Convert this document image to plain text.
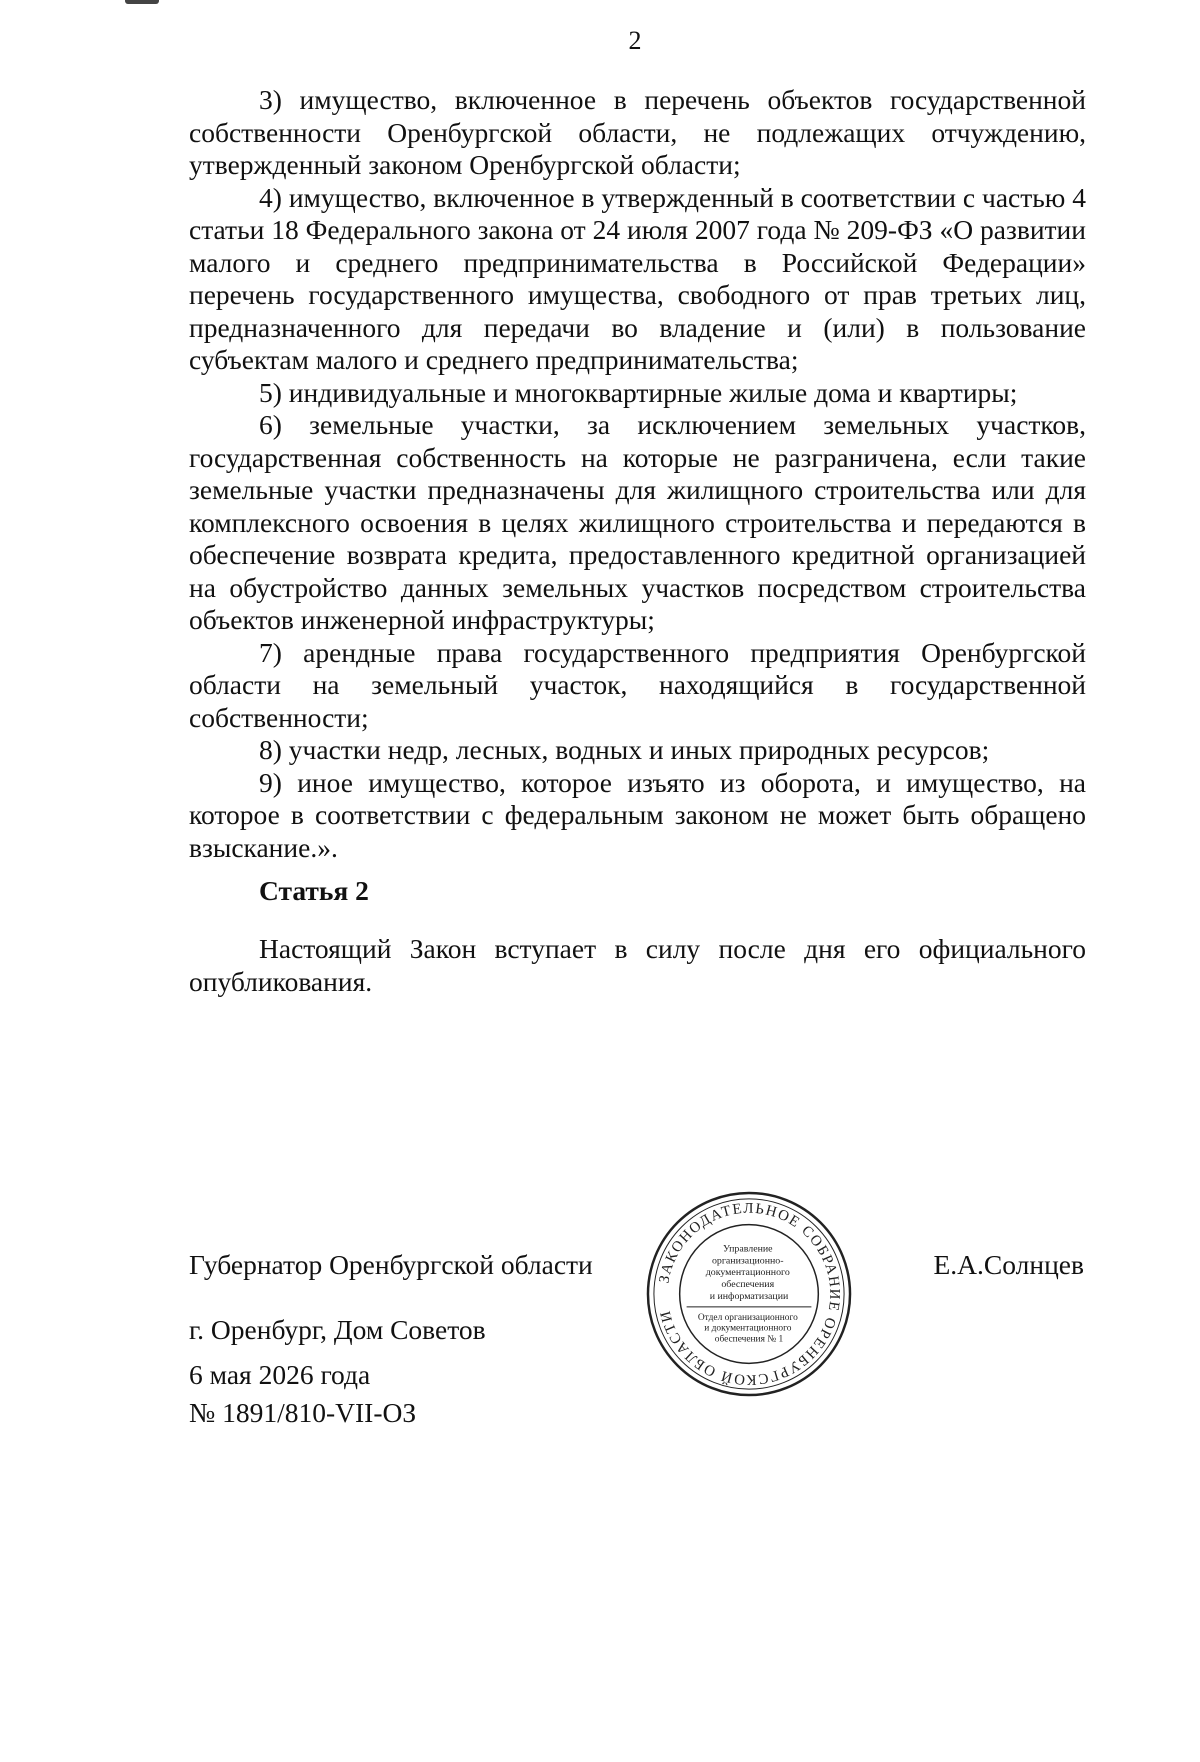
2

3) имущество, включенное в перечень объектов государственной собственности Оренбургской области, не подлежащих отчуждению, утвержденный законом Оренбургской области;

4) имущество, включенное в утвержденный в соответствии с частью 4 статьи 18 Федерального закона от 24 июля 2007 года № 209-ФЗ «О развитии малого и среднего предпринимательства в Российской Федерации» перечень государственного имущества, свободного от прав третьих лиц, предназначенного для передачи во владение и (или) в пользование субъектам малого и среднего предпринимательства;

5) индивидуальные и многоквартирные жилые дома и квартиры;

6) земельные участки, за исключением земельных участков, государственная собственность на которые не разграничена, если такие земельные участки предназначены для жилищного строительства или для комплексного освоения в целях жилищного строительства и передаются в обеспечение возврата кредита, предоставленного кредитной организацией на обустройство данных земельных участков посредством строительства объектов инженерной инфраструктуры;

7) арендные права государственного предприятия Оренбургской области на земельный участок, находящийся в государственной собственности;

8) участки недр, лесных, водных и иных природных ресурсов;

9) иное имущество, которое изъято из оборота, и имущество, на которое в соответствии с федеральным законом не может быть обращено взыскание.».

Статья 2

Настоящий Закон вступает в силу после дня его официального опубликования.

Губернатор Оренбургской области	ЗАКОНОДАТЕЛЬНОЕ СОБРАНИЕ ОРЕНБУРГСКОЙ ОБЛАСТИ
Управление организационно- документационного обеспечения и информатизации
Отдел организационного и документационного обеспечения № 1
Е.А.Солнцев
г. Оренбург, Дом Советов
6 мая 2026 года
№ 1891/810-VII-ОЗ
